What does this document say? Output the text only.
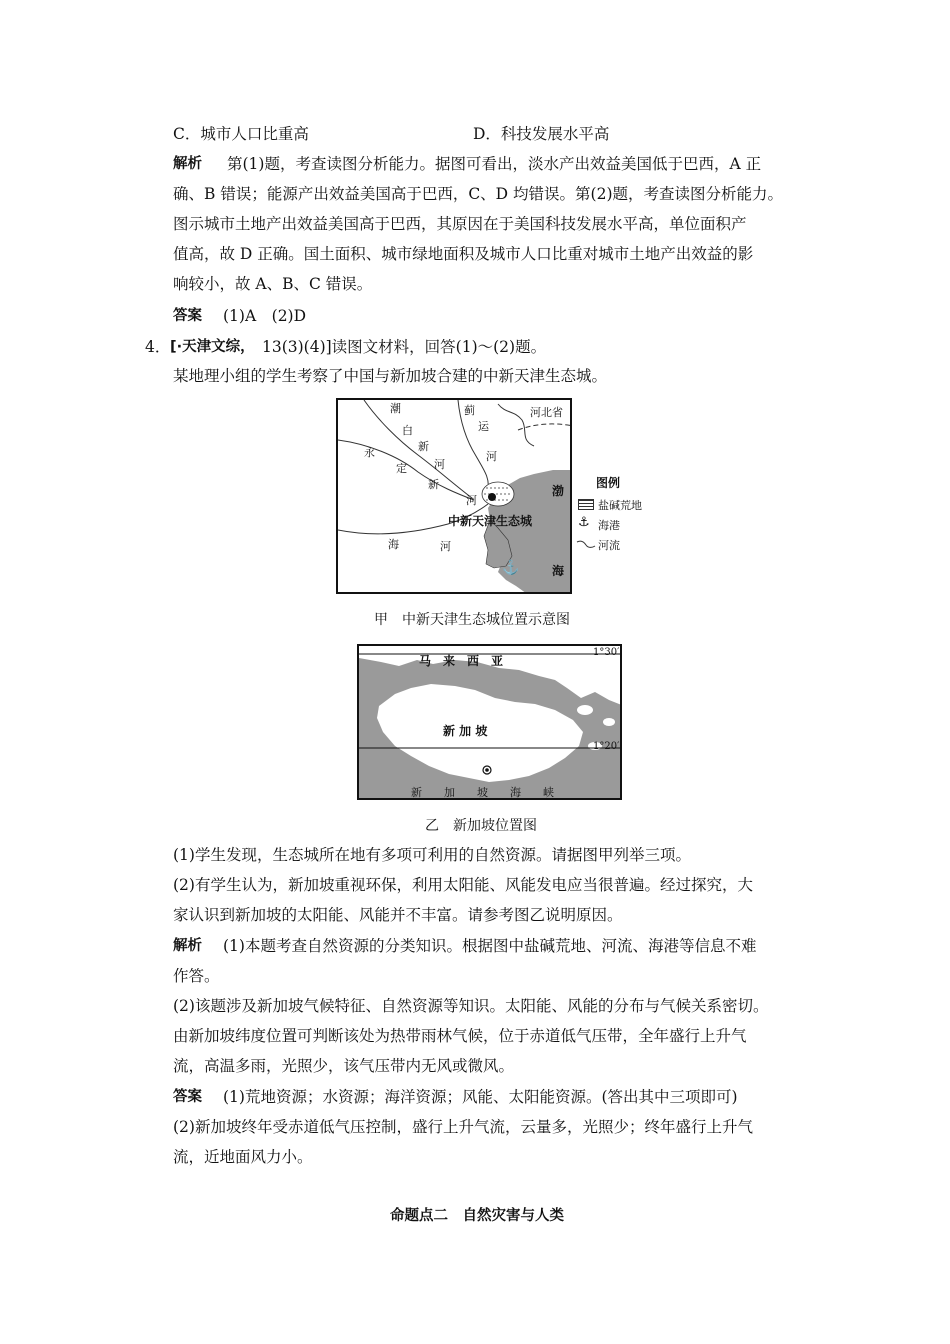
C．城市人口比重高	D．科技发展水平高
解析 第(1)题，考查读图分析能力。据图可看出，淡水产出效益美国低于巴西，A 正
确、B 错误；能源产出效益美国高于巴西，C、D 均错误。第(2)题，考查读图分析能力。
图示城市土地产出效益美国高于巴西，其原因在于美国科技发展水平高，单位面积产
值高，故 D 正确。国土面积、城市绿地面积及城市人口比重对城市土地产出效益的影
响较小，故 A、B、C 错误。
答案 (1)A　(2)D
4． [·天津文综， 13(3)(4)]读图文材料，回答(1)～(2)题。
某地理小组的学生考察了中国与新加坡合建的中新天津生态城。
⚓
潮
白
新
河
永
定
新
河
蓟
运
河
河北省
海	河
渤
海
中新天津生态城
图例
盐碱荒地
⚓ 海港
河流
甲　中新天津生态城位置示意图
马　来　西　亚
新 加 坡
新　　加　　坡　　海　　峡
1°30′
1°20′
乙　新加坡位置图
(1)学生发现，生态城所在地有多项可利用的自然资源。请据图甲列举三项。
(2)有学生认为，新加坡重视环保，利用太阳能、风能发电应当很普遍。经过探究，大
家认识到新加坡的太阳能、风能并不丰富。请参考图乙说明原因。
解析 (1)本题考查自然资源的分类知识。根据图中盐碱荒地、河流、海港等信息不难
作答。
(2)该题涉及新加坡气候特征、自然资源等知识。太阳能、风能的分布与气候关系密切。
由新加坡纬度位置可判断该处为热带雨林气候，位于赤道低气压带，全年盛行上升气
流，高温多雨，光照少，该气压带内无风或微风。
答案 (1)荒地资源；水资源；海洋资源；风能、太阳能资源。(答出其中三项即可)
(2)新加坡终年受赤道低气压控制，盛行上升气流，云量多，光照少；终年盛行上升气
流，近地面风力小。
命题点二　自然灾害与人类
